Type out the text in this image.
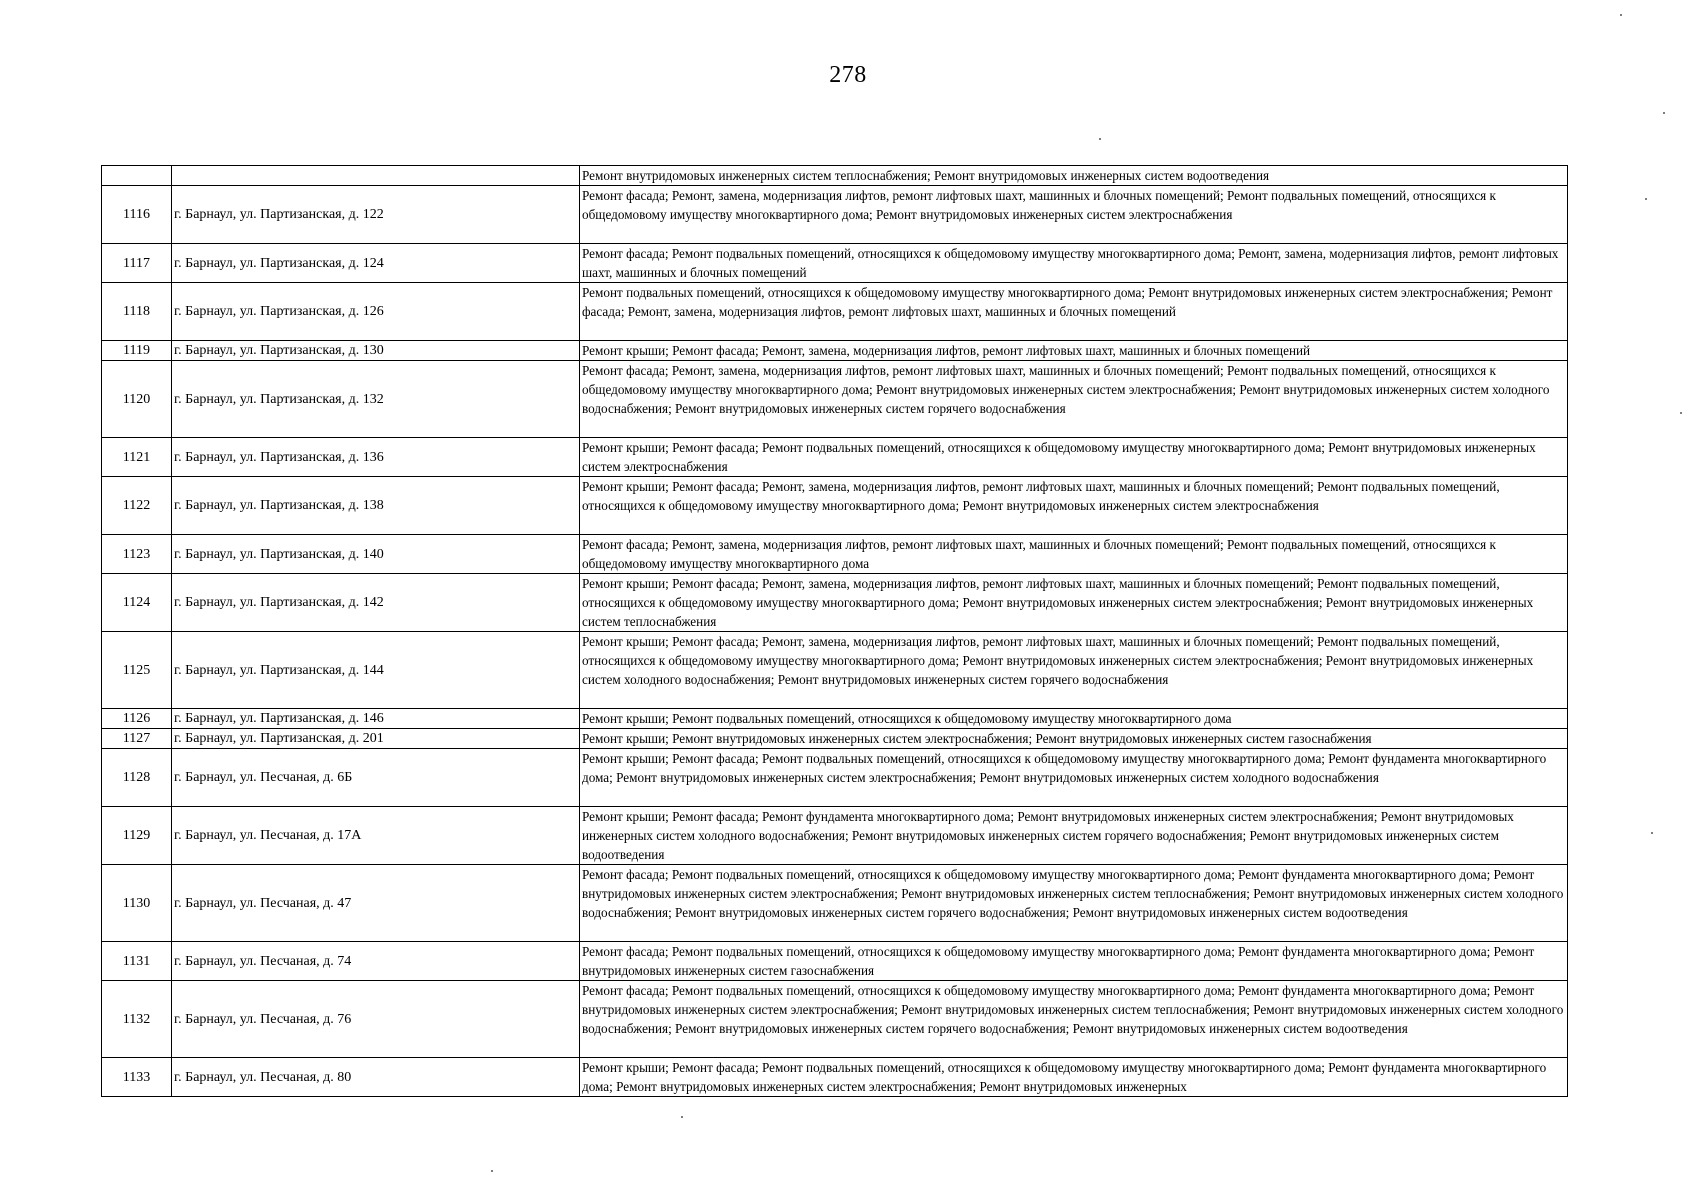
278
		Ремонт внутридомовых инженерных систем теплоснабжения; Ремонт внутридомовых инженерных систем водоотведения
1116	г. Барнаул, ул. Партизанская, д. 122	Ремонт фасада; Ремонт, замена, модернизация лифтов, ремонт лифтовых шахт, машинных и блочных помещений; Ремонт подвальных помещений, относящихся к общедомовому имуществу многоквартирного дома; Ремонт внутридомовых инженерных систем электроснабжения
1117	г. Барнаул, ул. Партизанская, д. 124	Ремонт фасада; Ремонт подвальных помещений, относящихся к общедомовому имуществу многоквартирного дома; Ремонт, замена, модернизация лифтов, ремонт лифтовых шахт, машинных и блочных помещений
1118	г. Барнаул, ул. Партизанская, д. 126	Ремонт подвальных помещений, относящихся к общедомовому имуществу многоквартирного дома; Ремонт внутридомовых инженерных систем электроснабжения; Ремонт фасада; Ремонт, замена, модернизация лифтов, ремонт лифтовых шахт, машинных и блочных помещений
1119	г. Барнаул, ул. Партизанская, д. 130	Ремонт крыши; Ремонт фасада; Ремонт, замена, модернизация лифтов, ремонт лифтовых шахт, машинных и блочных помещений
1120	г. Барнаул, ул. Партизанская, д. 132	Ремонт фасада; Ремонт, замена, модернизация лифтов, ремонт лифтовых шахт, машинных и блочных помещений; Ремонт подвальных помещений, относящихся к общедомовому имуществу многоквартирного дома; Ремонт внутридомовых инженерных систем электроснабжения; Ремонт внутридомовых инженерных систем холодного водоснабжения; Ремонт внутридомовых инженерных систем горячего водоснабжения
1121	г. Барнаул, ул. Партизанская, д. 136	Ремонт крыши; Ремонт фасада; Ремонт подвальных помещений, относящихся к общедомовому имуществу многоквартирного дома; Ремонт внутридомовых инженерных систем электроснабжения
1122	г. Барнаул, ул. Партизанская, д. 138	Ремонт крыши; Ремонт фасада; Ремонт, замена, модернизация лифтов, ремонт лифтовых шахт, машинных и блочных помещений; Ремонт подвальных помещений, относящихся к общедомовому имуществу многоквартирного дома; Ремонт внутридомовых инженерных систем электроснабжения
1123	г. Барнаул, ул. Партизанская, д. 140	Ремонт фасада; Ремонт, замена, модернизация лифтов, ремонт лифтовых шахт, машинных и блочных помещений; Ремонт подвальных помещений, относящихся к общедомовому имуществу многоквартирного дома
1124	г. Барнаул, ул. Партизанская, д. 142	Ремонт крыши; Ремонт фасада; Ремонт, замена, модернизация лифтов, ремонт лифтовых шахт, машинных и блочных помещений; Ремонт подвальных помещений, относящихся к общедомовому имуществу многоквартирного дома; Ремонт внутридомовых инженерных систем электроснабжения; Ремонт внутридомовых инженерных систем теплоснабжения
1125	г. Барнаул, ул. Партизанская, д. 144	Ремонт крыши; Ремонт фасада; Ремонт, замена, модернизация лифтов, ремонт лифтовых шахт, машинных и блочных помещений; Ремонт подвальных помещений, относящихся к общедомовому имуществу многоквартирного дома; Ремонт внутридомовых инженерных систем электроснабжения; Ремонт внутридомовых инженерных систем холодного водоснабжения; Ремонт внутридомовых инженерных систем горячего водоснабжения
1126	г. Барнаул, ул. Партизанская, д. 146	Ремонт крыши; Ремонт подвальных помещений, относящихся к общедомовому имуществу многоквартирного дома
1127	г. Барнаул, ул. Партизанская, д. 201	Ремонт крыши; Ремонт внутридомовых инженерных систем электроснабжения; Ремонт внутридомовых инженерных систем газоснабжения
1128	г. Барнаул, ул. Песчаная, д. 6Б	Ремонт крыши; Ремонт фасада; Ремонт подвальных помещений, относящихся к общедомовому имуществу многоквартирного дома; Ремонт фундамента многоквартирного дома; Ремонт внутридомовых инженерных систем электроснабжения; Ремонт внутридомовых инженерных систем холодного водоснабжения
1129	г. Барнаул, ул. Песчаная, д. 17А	Ремонт крыши; Ремонт фасада; Ремонт фундамента многоквартирного дома; Ремонт внутридомовых инженерных систем электроснабжения; Ремонт внутридомовых инженерных систем холодного водоснабжения; Ремонт внутридомовых инженерных систем горячего водоснабжения; Ремонт внутридомовых инженерных систем водоотведения
1130	г. Барнаул, ул. Песчаная, д. 47	Ремонт фасада; Ремонт подвальных помещений, относящихся к общедомовому имуществу многоквартирного дома; Ремонт фундамента многоквартирного дома; Ремонт внутридомовых инженерных систем электроснабжения; Ремонт внутридомовых инженерных систем теплоснабжения; Ремонт внутридомовых инженерных систем холодного водоснабжения; Ремонт внутридомовых инженерных систем горячего водоснабжения; Ремонт внутридомовых инженерных систем водоотведения
1131	г. Барнаул, ул. Песчаная, д. 74	Ремонт фасада; Ремонт подвальных помещений, относящихся к общедомовому имуществу многоквартирного дома; Ремонт фундамента многоквартирного дома; Ремонт внутридомовых инженерных систем газоснабжения
1132	г. Барнаул, ул. Песчаная, д. 76	Ремонт фасада; Ремонт подвальных помещений, относящихся к общедомовому имуществу многоквартирного дома; Ремонт фундамента многоквартирного дома; Ремонт внутридомовых инженерных систем электроснабжения; Ремонт внутридомовых инженерных систем теплоснабжения; Ремонт внутридомовых инженерных систем холодного водоснабжения; Ремонт внутридомовых инженерных систем горячего водоснабжения; Ремонт внутридомовых инженерных систем водоотведения
1133	г. Барнаул, ул. Песчаная, д. 80	Ремонт крыши; Ремонт фасада; Ремонт подвальных помещений, относящихся к общедомовому имуществу многоквартирного дома; Ремонт фундамента многоквартирного дома; Ремонт внутридомовых инженерных систем электроснабжения; Ремонт внутридомовых инженерных
